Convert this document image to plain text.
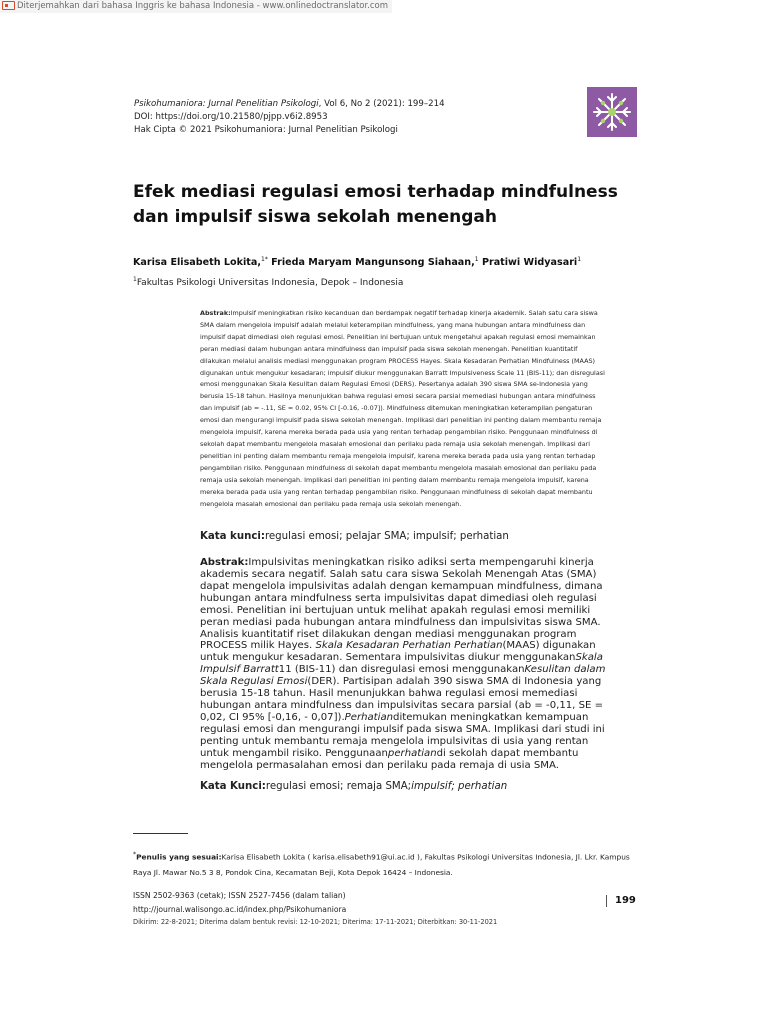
Diterjemahkan dari bahasa Inggris ke bahasa Indonesia - www.onlinedoctranslator.com
Psikohumaniora: Jurnal Penelitian Psikologi, Vol 6, No 2 (2021): 199–214
DOI: https://doi.org/10.21580/pjpp.v6i2.8953
Hak Cipta © 2021 Psikohumaniora: Jurnal Penelitian Psikologi
Efek mediasi regulasi emosi terhadap mindfulness
dan impulsif siswa sekolah menengah
Karisa Elisabeth Lokita,$^{1*}$ Frieda Maryam Mangunsong Siahaan,$^1$ Pratiwi Widyasari$^1$
$^1$Fakultas Psikologi Universitas Indonesia, Depok – Indonesia
Abstrak:Impulsif meningkatkan risiko kecanduan dan berdampak negatif terhadap kinerja akademik. Salah satu cara siswa SMA dalam mengelola impulsif adalah melalui keterampilan mindfulness, yang mana hubungan antara mindfulness dan impulsif dapat dimediasi oleh regulasi emosi. Penelitian ini bertujuan untuk mengetahui apakah regulasi emosi memainkan peran mediasi dalam hubungan antara mindfulness dan impulsif pada siswa sekolah menengah. Penelitian kuantitatif dilakukan melalui analisis mediasi menggunakan program PROCESS Hayes. Skala Kesadaran Perhatian Mindfulness (MAAS) digunakan untuk mengukur kesadaran; impulsif diukur menggunakan Barratt Impulsiveness Scale 11 (BIS-11); dan disregulasi emosi menggunakan Skala Kesulitan dalam Regulasi Emosi (DERS). Pesertanya adalah 390 siswa SMA se-Indonesia yang berusia 15-18 tahun. Hasilnya menunjukkan bahwa regulasi emosi secara parsial memediasi hubungan antara mindfulness dan impulsif (ab = -.11, SE = 0.02, 95% CI [-0.16, -0.07]). Mindfulness ditemukan meningkatkan keterampilan pengaturan emosi dan mengurangi impulsif pada siswa sekolah menengah. Implikasi dari penelitian ini penting dalam membantu remaja mengelola impulsif, karena mereka berada pada usia yang rentan terhadap pengambilan risiko. Penggunaan mindfulness di sekolah dapat membantu mengelola masalah emosional dan perilaku pada remaja usia sekolah menengah. Implikasi dari penelitian ini penting dalam membantu remaja mengelola impulsif, karena mereka berada pada usia yang rentan terhadap pengambilan risiko. Penggunaan mindfulness di sekolah dapat membantu mengelola masalah emosional dan perilaku pada remaja usia sekolah menengah. Implikasi dari penelitian ini penting dalam membantu remaja mengelola impulsif, karena mereka berada pada usia yang rentan terhadap pengambilan risiko. Penggunaan mindfulness di sekolah dapat membantu mengelola masalah emosional dan perilaku pada remaja usia sekolah menengah.
Kata kunci:regulasi emosi; pelajar SMA; impulsif; perhatian
Abstrak:Impulsivitas meningkatkan risiko adiksi serta mempengaruhi kinerja akademis secara negatif. Salah satu cara siswa Sekolah Menengah Atas (SMA) dapat mengelola impulsivitas adalah dengan kemampuan mindfulness, dimana hubungan antara mindfulness serta impulsivitas dapat dimediasi oleh regulasi emosi. Penelitian ini bertujuan untuk melihat apakah regulasi emosi memiliki peran mediasi pada hubungan antara mindfulness dan impulsivitas siswa SMA. Analisis kuantitatif riset dilakukan dengan mediasi menggunakan program PROCESS milik Hayes. Skala Kesadaran Perhatian Perhatian(MAAS) digunakan untuk mengukur kesadaran. Sementara impulsivitas diukur menggunakanSkala Impulsif Barratt11 (BIS-11) dan disregulasi emosi menggunakanKesulitan dalam Skala Regulasi Emosi(DER). Partisipan adalah 390 siswa SMA di Indonesia yang berusia 15-18 tahun. Hasil menunjukkan bahwa regulasi emosi memediasi hubungan antara mindfulness dan impulsivitas secara parsial (ab = -0,11, SE = 0,02, CI 95% [-0,16, - 0,07]).Perhatianditemukan meningkatkan kemampuan regulasi emosi dan mengurangi impulsif pada siswa SMA. Implikasi dari studi ini penting untuk membantu remaja mengelola impulsivitas di usia yang rentan untuk mengambil risiko. Penggunaanperhatiandi sekolah dapat membantu mengelola permasalahan emosi dan perilaku pada remaja di usia SMA.
Kata Kunci:regulasi emosi; remaja SMA;impulsif; perhatian
*Penulis yang sesuai:Karisa Elisabeth Lokita ( karisa.elisabeth91@ui.ac.id ), Fakultas Psikologi Universitas Indonesia, Jl. Lkr. Kampus Raya Jl. Mawar No.5 3 8, Pondok Cina, Kecamatan Beji, Kota Depok 16424 – Indonesia.
ISSN 2502-9363 (cetak); ISSN 2527-7456 (dalam talian)
http://journal.walisongo.ac.id/index.php/Psikohumaniora
Dikirim: 22-8-2021; Diterima dalam bentuk revisi: 12-10-2021; Diterima: 17-11-2021; Diterbitkan: 30-11-2021
199
